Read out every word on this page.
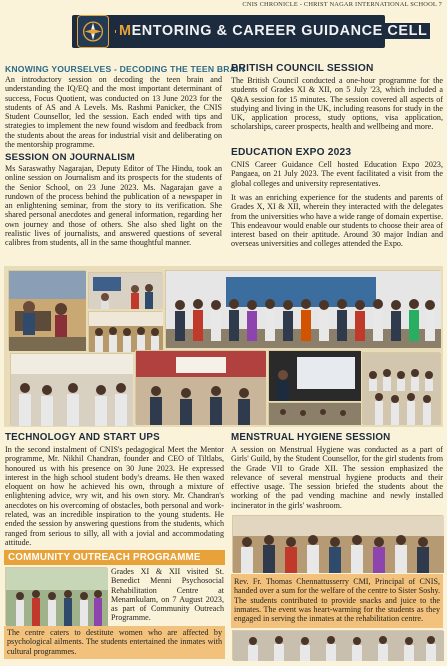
CNIS CHRONICLE - CHRIST NAGAR INTERNATIONAL SCHOOL 7
MENTORING & CAREER GUIDANCE CELL
KNOWING YOURSELVES - DECODING THE TEEN BRAIN
An introductory session on decoding the teen brain and understanding the IQ/EQ and the most important determinant of success, Focus Quotient, was conducted on 13 June 2023 for the students of AS and A Levels. Ms. Rashmi Panicker, the CNIS Student Counsellor, led the session. Each ended with tips and strategies to implement the new found wisdom and feedback from the students about the areas for industrial visit and deliberating on the mentorship programme.
SESSION ON JOURNALISM
Ms Saraswathy Nagarajan, Deputy Editor of The Hindu, took an online session on Journalism and its prospects for the students of the Senior School, on 23 June 2023. Ms. Nagarajan gave a rundown of the process behind the publication of a newspaper in an enlightening seminar, from the story to its verification. She shared personal anecdotes and general information, regarding her own journey and those of others. She also shed light on the realistic lives of journalists, and answered questions of several calibres from students, all in the same thoughtful manner.
BRITISH COUNCIL SESSION
The British Council conducted a one-hour programme for the students of Grades XI & XII, on 5 July '23, which included a Q&A session for 15 minutes. The session covered all aspects of studying and living in the UK, including reasons for study in the UK, application process, study options, visa application, scholarships, career prospects, health and wellbeing and more.
EDUCATION EXPO 2023
CNIS Career Guidance Cell hosted Education Expo 2023, Pangaea, on 21 July 2023. The event facilitated a visit from the global colleges and university representatives.
It was an enriching experience for the students and parents of Grades X, XI & XII, wherein they interacted with the delegates from the universities who have a wide range of domain expertise. This endeavour would enable our students to choose their area of interest based on their aptitude. Around 30 major Indian and overseas universities and colleges attended the Expo.
TECHNOLOGY AND START UPS
In the second instalment of CNIS's pedagogical Meet the Mentor programme, Mr. Nikhil Chandran, founder and CEO of Tiltlabs, honoured us with his presence on 30 June 2023. He expressed interest in the high school student body's dreams. He then waxed eloquent on how he achieved his own, through a mixture of enlightening advice, wry wit, and his own story. Mr. Chandran's anecdotes on his overcoming of obstacles, both personal and work-related, was an incredible inspiration to the young students. He ended the session by answering questions from the students, which ranged from serious to silly, all with a jovial and accommodating attitude.
COMMUNITY OUTREACH PROGRAMME
Grades XI & XII visited St. Benedict Menni Psychosocial Rehabilitation Centre at Menamkulam, on 7 August 2023, as part of Community Outreach Programme.
The centre caters to destitute women who are affected by psychological ailments. The students entertained the inmates with cultural programmes.
MENSTRUAL HYGIENE SESSION
A session on Menstrual Hygiene was conducted as a part of Girls' Guild, by the Student Counsellor, for the girl students from the Grade VII to Grade XII. The session emphasized the relevance of several menstrual hygiene products and their effective usage. The session briefed the students about the working of the pad vending machine and newly installed incinerator in the girls' washroom.
Rev. Fr. Thomas Chennattusserry CMI, Principal of CNIS, handed over a sum for the welfare of the centre to Sister Soshy. The students contributed to provide snacks and juice to the inmates. The event was heart-warming for the students as they engaged in serving the inmates at the rehabilitation centre.
